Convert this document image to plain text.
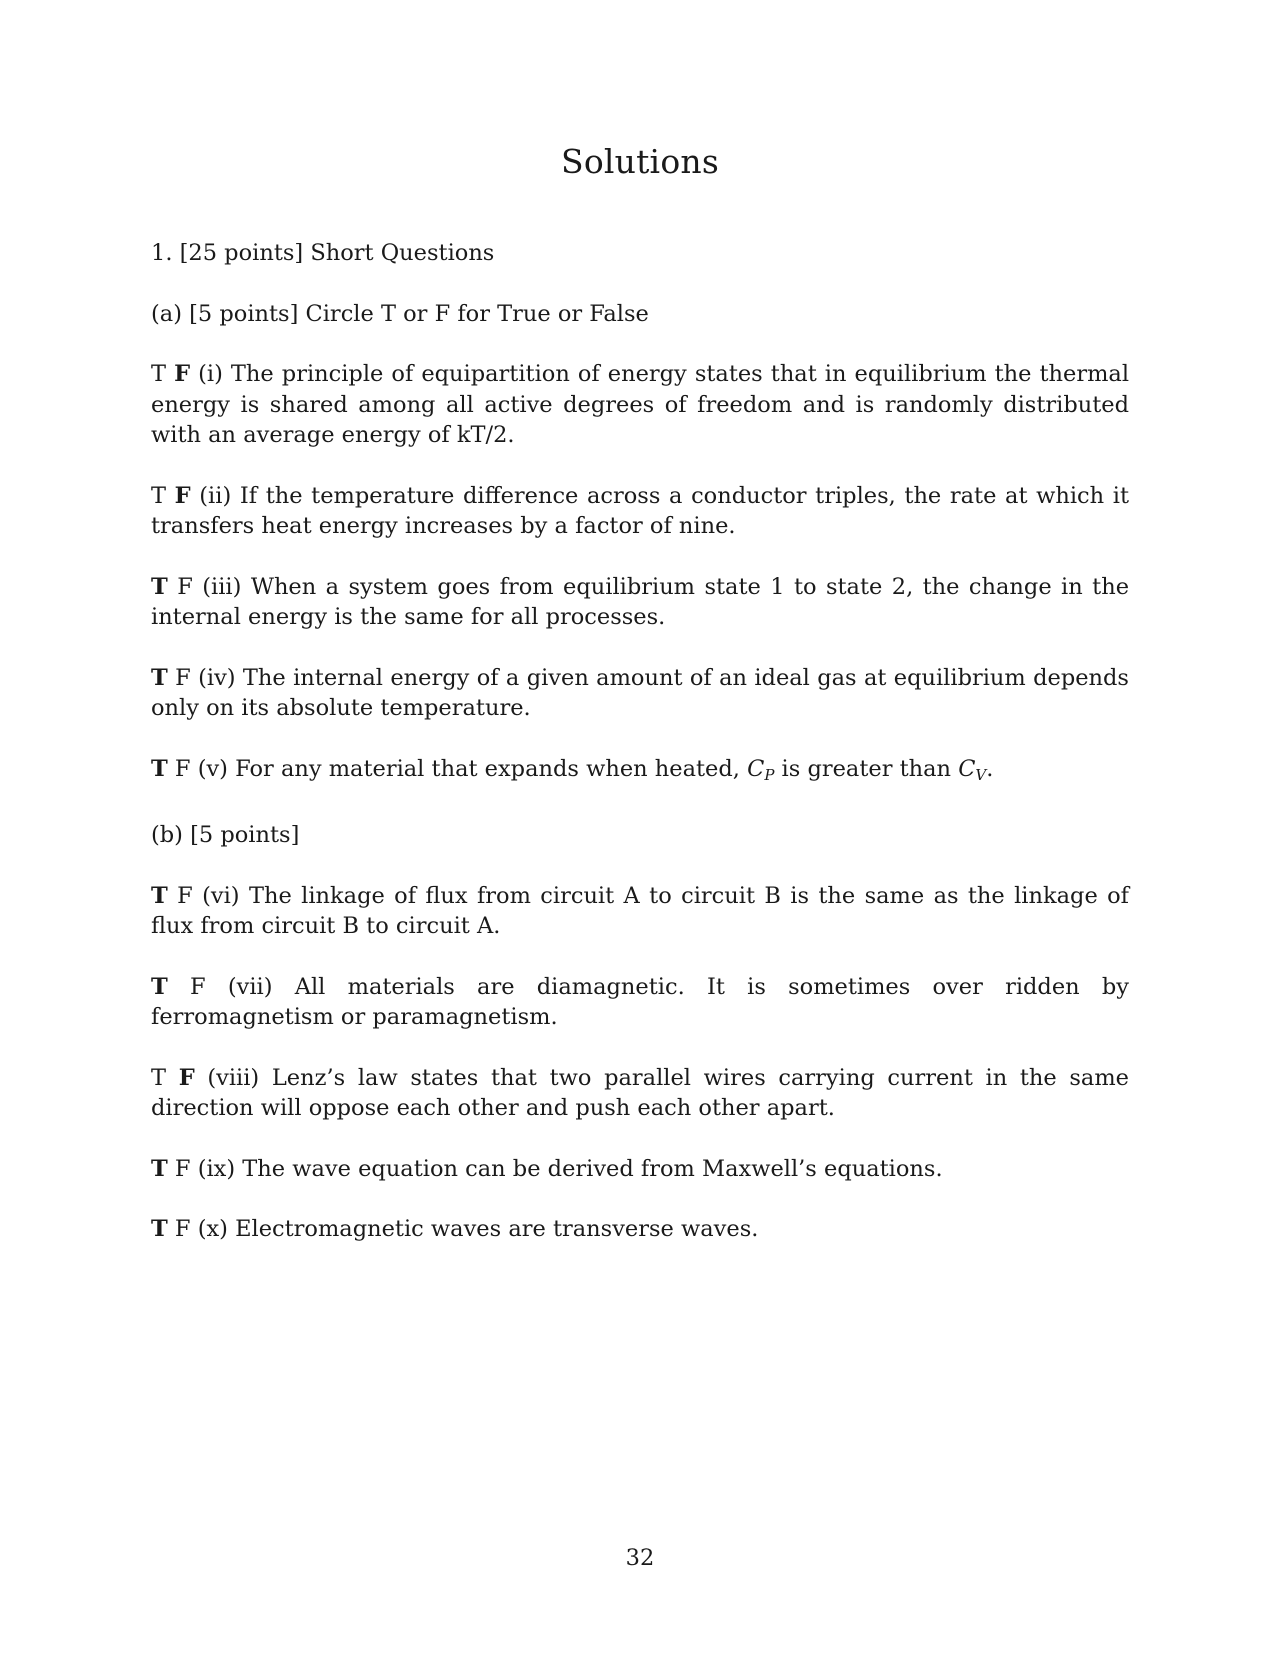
Solutions

1. [25 points] Short Questions

(a) [5 points] Circle T or F for True or False

T F (i) The principle of equipartition of energy states that in equilibrium the thermal energy is shared among all active degrees of freedom and is randomly distributed with an average energy of kT/2.

T F (ii) If the temperature difference across a conductor triples, the rate at which it transfers heat energy increases by a factor of nine.

T F (iii) When a system goes from equilibrium state 1 to state 2, the change in the internal energy is the same for all processes.

T F (iv) The internal energy of a given amount of an ideal gas at equilibrium depends only on its absolute temperature.

T F (v) For any material that expands when heated, $C_P$ is greater than $C_V$.

(b) [5 points]

T F (vi) The linkage of flux from circuit A to circuit B is the same as the linkage of flux from circuit B to circuit A.

T F (vii) All materials are diamagnetic. It is sometimes over ridden by ferromagnetism or paramagnetism.

T F (viii) Lenz’s law states that two parallel wires carrying current in the same direction will oppose each other and push each other apart.

T F (ix) The wave equation can be derived from Maxwell’s equations.

T F (x) Electromagnetic waves are transverse waves.

32
